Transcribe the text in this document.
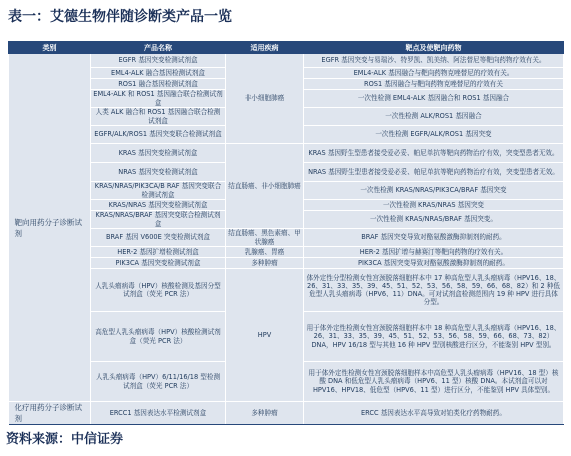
表一：艾德生物伴随诊断类产品一览
类别	产品名称	适用疾病	靶点及使靶向药物
靶向用药分子诊断试剂	EGFR 基因突变检测试剂盒	非小细胞肺癌	EGFR 基因突变与易瑞沙、特罗凯、凯美纳、阿法替尼等靶向药物疗效有关。
	EML4-ALK 融合基因检测试剂盒		EML4-ALK 基因融合与靶向药物克唑替尼的疗效有关。
	ROS1 融合基因检测试剂盒		ROS1 基因融合与靶向药物克唑替尼的疗效有关
	EML4-ALK 和 ROS1 基因融合联合检测试剂盒		一次性检测 EML4-ALK 基因融合和 ROS1 基因融合
	人类 ALK 融合和 ROS1 基因融合联合检测试剂盒		一次性检测 ALK/ROS1 基因融合
	EGFR/ALK/ROS1 基因突变联合检测试剂盒		一次性检测 EGFR/ALK/ROS1 基因突变
	KRAS 基因突变检测试剂盒	结直肠癌、非小细胞肺癌	KRAS 基因野生型患者接受爱必妥、帕尼单抗等靶向药物治疗有效，突变型患者无效。
	NRAS 基因突变检测试剂盒		NRAS 基因野生型患者接受爱必妥、帕尼单抗等靶向药物治疗有效，突变型患者无效。
	KRAS/NRAS/PIK3CA/B RAF 基因突变联合检测试剂盒		一次性检测 KRAS/NRAS/PIK3CA/BRAF 基因突变
	KRAS/NRAS 基因突变检测试剂盒		一次性检测 KRAS/NRAS 基因突变
	KRAS/NRAS/BRAF 基因突变联合检测试剂盒		一次性检测 KRAS/NRAS/BRAF 基因突变。
	BRAF 基因 V600E 突变检测试剂盒	结直肠癌、黑色素瘤、甲状腺癌	BRAF 基因突变导致对酪氨酸激酶抑制剂的耐药。
	HER-2 基因扩增检测试剂盒	乳腺癌、胃癌	HER-2 基因扩增与赫赛汀等靶向药物的疗效有关。
	PIK3CA 基因突变检测试剂盒	多种肿瘤	PIK3CA 基因突变导致对酪氨酸激酶抑制剂的耐药。
	人乳头瘤病毒（HPV）核酸检测及基因分型试剂盒（荧光 PCR 法）	HPV	体外定性分型检测女性宫颈脱落细胞样本中 17 种高危型人乳头瘤病毒（HPV16、18、26、31、33、35、39、45、51、52、53、56、58、59、66、68、82）和 2 种低危型人乳头瘤病毒（HPV6、11）DNA。可对试剂盒检测范围内 19 种 HPV 进行具体分型。
	高危型人乳头瘤病毒（HPV）核酸检测试剂盒（荧光 PCR 法）		用于体外定性检测女性宫颈脱落细胞样本中 18 种高危型人乳头瘤病毒（HPV16、18、26、31、33、35、39、45、51、52、53、56、58、59、66、68、73、82）DNA，HPV 16/18 型与其他 16 种 HPV 型别核酸进行区分，不能鉴别 HPV 型别。
	人乳头瘤病毒（HPV）6/11/16/18 型检测试剂盒（荧光 PCR 法）		用于体外定性检测女性宫颈脱落细胞样本中高危型人乳头瘤病毒（HPV16、18 型）核酸 DNA 和低危型人乳头瘤病毒（HPV6、11 型）核酸 DNA。本试剂盒可以对 HPV16、HPV18、低危型（HPV6、11 型）进行区分，不能鉴别 HPV 具体型别。
化疗用药分子诊断试剂	ERCC1 基因表达水平检测试剂盒	多种肿瘤	ERCC 基因表达水平高导致对铂类化疗药物耐药。
资料来源：中信证券
